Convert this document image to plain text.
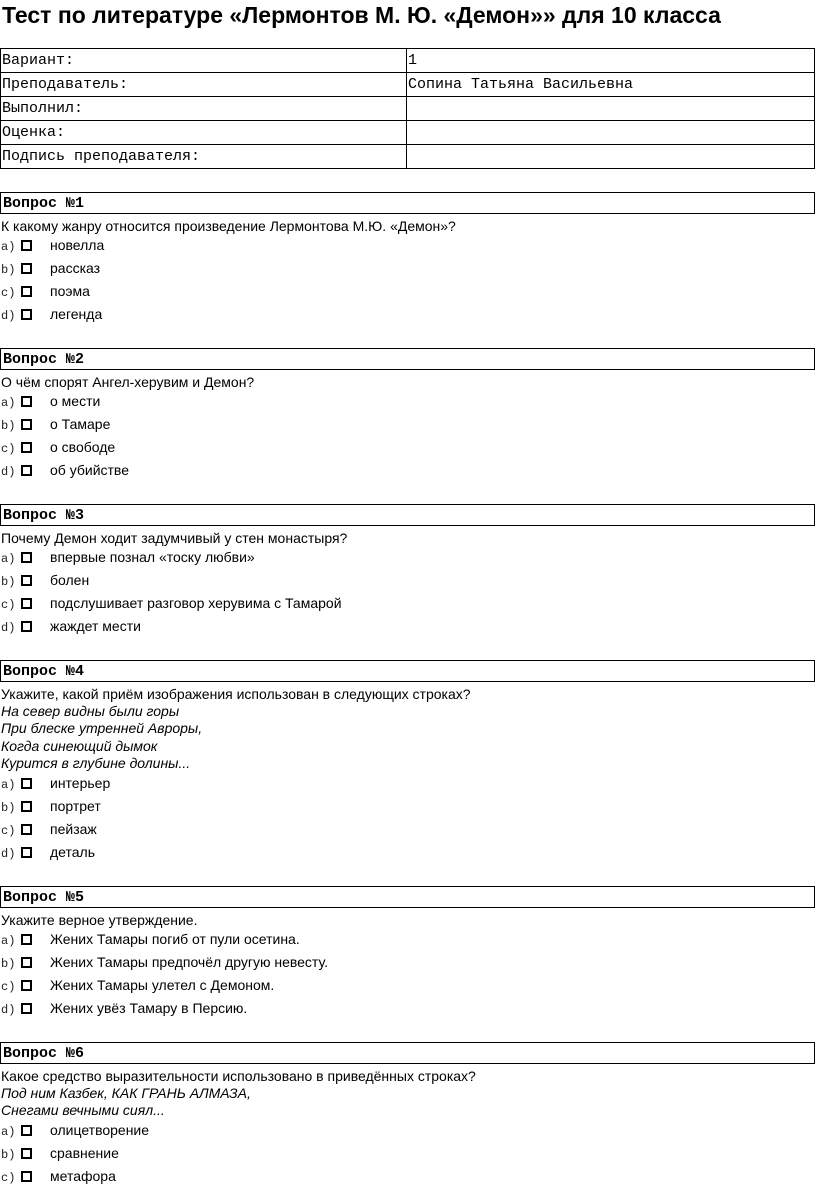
Тест по литературе «Лермонтов М. Ю. «Демон»» для 10 класса
Вариант:	1
Преподаватель:	Сопина Татьяна Васильевна
Выполнил:	
Оценка:	
Подпись преподавателя:	
Вопрос №1
К какому жанру относится произведение Лермонтова М.Ю. «Демон»?
a) новелла
b) рассказ
c) поэма
d) легенда
Вопрос №2
О чём спорят Ангел-херувим и Демон?
a) о мести
b) о Тамаре
c) о свободе
d) об убийстве
Вопрос №3
Почему Демон ходит задумчивый у стен монастыря?
a) впервые познал «тоску любви»
b) болен
c) подслушивает разговор херувима с Тамарой
d) жаждет мести
Вопрос №4
Укажите, какой приём изображения использован в следующих строках?
На север видны были горы
При блеске утренней Авроры,
Когда синеющий дымок
Курится в глубине долины...
a) интерьер
b) портрет
c) пейзаж
d) деталь
Вопрос №5
Укажите верное утверждение.
a) Жених Тамары погиб от пули осетина.
b) Жених Тамары предпочёл другую невесту.
c) Жених Тамары улетел с Демоном.
d) Жених увёз Тамару в Персию.
Вопрос №6
Какое средство выразительности использовано в приведённых строках?
Под ним Казбек, КАК ГРАНЬ АЛМАЗА,
Снегами вечными сиял...
a) олицетворение
b) сравнение
c) метафора
